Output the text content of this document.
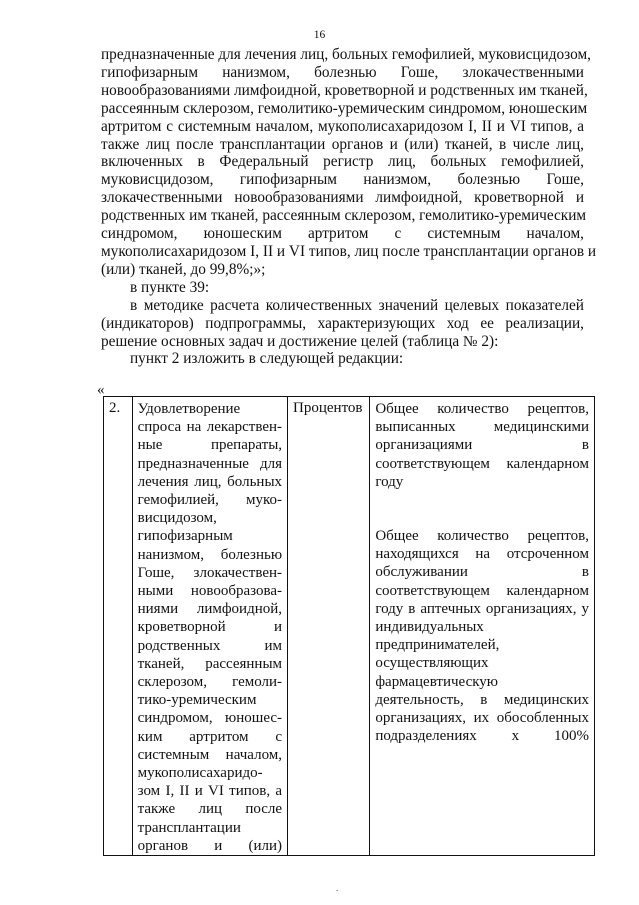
16
предназначенные для лечения лиц, больных гемофилией, муковисцидозом,
гипофизарным нанизмом, болезнью Гоше, злокачественными
новообразованиями лимфоидной, кроветворной и родственных им тканей,
рассеянным склерозом, гемолитико-уремическим синдромом, юношеским
артритом с системным началом, мукополисахаридозом I, II и VI типов, а
также лиц после трансплантации органов и (или) тканей, в числе лиц,
включенных в Федеральный регистр лиц, больных гемофилией,
муковисцидозом, гипофизарным нанизмом, болезнью Гоше,
злокачественными новообразованиями лимфоидной, кроветворной и
родственных им тканей, рассеянным склерозом, гемолитико-уремическим
синдромом, юношеским артритом с системным началом,
мукополисахаридозом I, II и VI типов, лиц после трансплантации органов и
(или) тканей, до 99,8%;»;
в пункте 39:
в методике расчета количественных значений целевых показателей
(индикаторов) подпрограммы, характеризующих ход ее реализации,
решение основных задач и достижение целей (таблица № 2):
пункт 2 изложить в следующей редакции:
«
2.	Удовлетворение
спроса на лекарствен-
ные препараты,
предназначенные для
лечения лиц, больных
гемофилией, муко-
висцидозом,
гипофизарным
нанизмом, болезнью
Гоше, злокачествен-
ными новообразова-
ниями лимфоидной,
кроветворной и
родственных им
тканей, рассеянным
склерозом, гемоли-
тико-уремическим
синдромом, юношес-
ким артритом с
системным началом,
мукополисахаридо-
зом I, II и VI типов, а
также лиц после
трансплантации
органов и (или)
	Процентов	Общее количество рецептов,
выписанных медицинскими
организациями в
соответствующем календарном
году
Общее количество рецептов,
находящихся на отсроченном
обслуживании в
соответствующем календарном
году в аптечных организациях, у
индивидуальных
предпринимателей,
осуществляющих
фармацевтическую
деятельность, в медицинских
организациях, их обособленных
подразделениях x 100%
.
